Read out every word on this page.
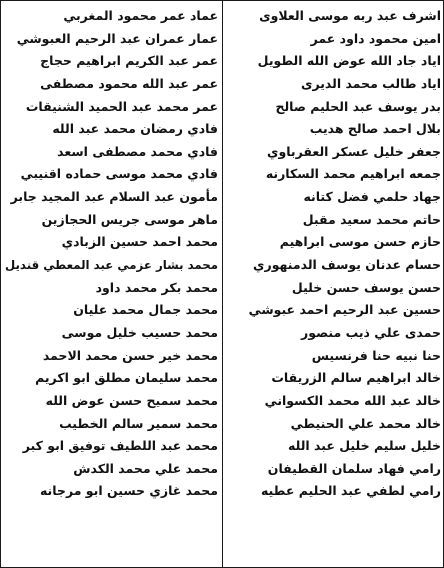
اشرف عبد ربه موسى العلاوى
امين محمود داود عمر
اياد جاد الله عوض الله الطويل
اياد طالب محمد الديرى
بدر يوسف عبد الحليم صالح
بلال احمد صالح هديب
جعفر خليل عسكر العقرباوي
جمعه ابراهيم محمد السكارنه
جهاد حلمي فضل كتانه
حاتم محمد سعيد مقبل
حازم حسن موسى ابراهيم
حسام عدنان يوسف الدمنهوري
حسن يوسف حسن خليل
حسين عبد الرحيم احمد عبوشي
حمدى علي ذيب منصور
حنا نبيه حنا فرنسيس
خالد ابراهيم سالم الزريقات
خالد عبد الله محمد الكسواني
خالد محمد علي الحنيطي
خليل سليم خليل عبد الله
رامي فهاد سلمان القطيفان
رامي لطفي عبد الحليم عطيه
عماد عمر محمود المغربي
عمار عمران عبد الرحيم العبوشي
عمر عبد الكريم ابراهيم حجاج
عمر عبد الله محمود مصطفى
عمر محمد عبد الحميد الشنيقات
فادي رمضان محمد عبد الله
فادي محمد مصطفى اسعد
فادي محمد موسى حماده اقنيبي
مأمون عبد السلام عبد المجيد جابر
ماهر موسى جريس الحجازين
محمد احمد حسين الزبادي
محمد بشار عزمي عبد المعطي قنديل
محمد بكر محمد داود
محمد جمال محمد عليان
محمد حسيب خليل موسى
محمد خير حسن محمد الاحمد
محمد سليمان مطلق ابو اكريم
محمد سميح حسن عوض الله
محمد سمير سالم الخطيب
محمد عبد اللطيف توفيق ابو كبر
محمد علي محمد الكدش
محمد غازي حسين ابو مرجانه
